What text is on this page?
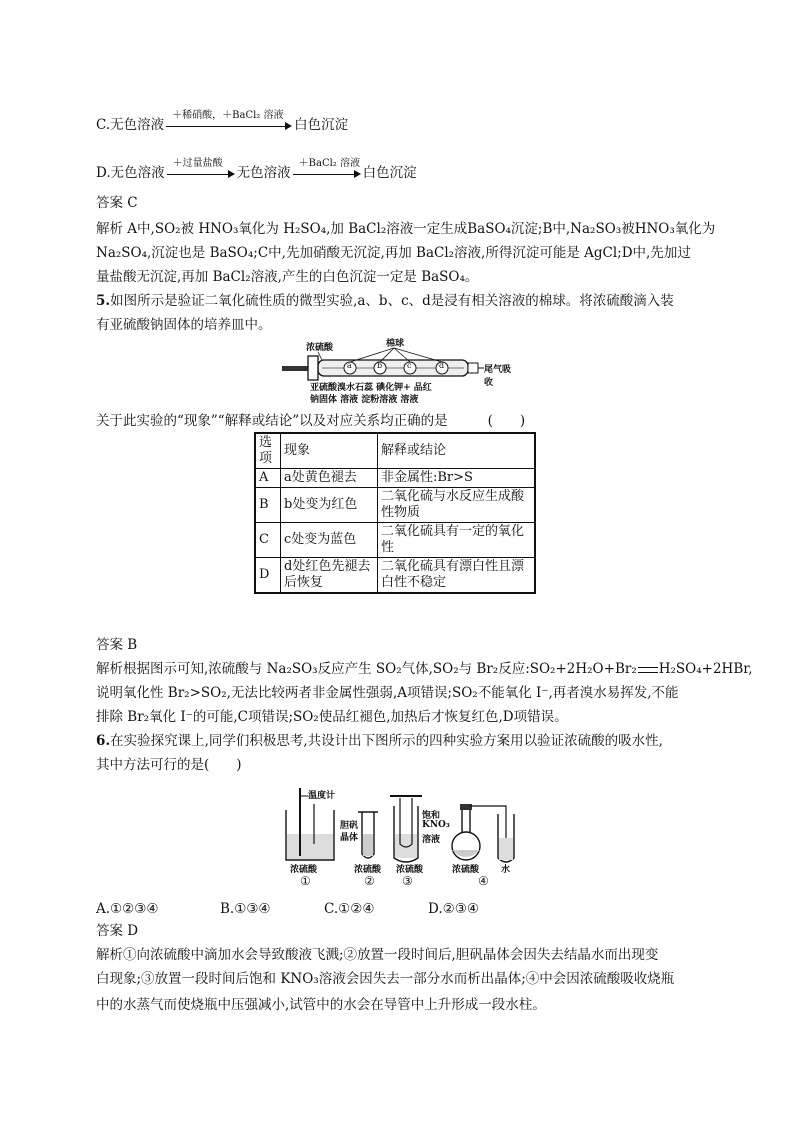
C.无色溶液
＋稀硝酸，＋BaCl₂ 溶液
白色沉淀
D.无色溶液
＋过量盐酸
无色溶液
＋BaCl₂ 溶液
白色沉淀
答案 C
解析 A中,SO₂被 HNO₃氧化为 H₂SO₄,加 BaCl₂溶液一定生成BaSO₄沉淀;B中,Na₂SO₃被HNO₃氧化为
Na₂SO₄,沉淀也是 BaSO₄;C中,先加硝酸无沉淀,再加 BaCl₂溶液,所得沉淀可能是 AgCl;D中,先加过
量盐酸无沉淀,再加 BaCl₂溶液,产生的白色沉淀一定是 BaSO₄。
5.如图所示是验证二氧化硫性质的微型实验,a、b、c、d是浸有相关溶液的棉球。将浓硫酸滴入装
有亚硫酸钠固体的培养皿中。
浓硫酸	棉球
尾气吸收
a	b	c	d
亚硫酸溴水石蕊 碘化钾+ 品红
钠固体 溶液 淀粉溶液 溶液
关于此实验的“现象”“解释或结论”以及对应关系均正确的是	(　　)
选项	现象	解释或结论
A	a处黄色褪去	非金属性:Br>S
B	b处变为红色	二氧化硫与水反应生成酸性物质
C	c处变为蓝色	二氧化硫具有一定的氧化性
D	d处红色先褪去后恢复	二氧化硫具有漂白性且漂白性不稳定
答案 B
解析根据图示可知,浓硫酸与 Na₂SO₃反应产生 SO₂气体,SO₂与 Br₂反应:SO₂+2H₂O+Br₂ H₂SO₄+2HBr,
说明氧化性 Br₂>SO₂,无法比较两者非金属性强弱,A项错误;SO₂不能氧化 I⁻,再者溴水易挥发,不能
排除 Br₂氧化 I⁻的可能,C项错误;SO₂使品红褪色,加热后才恢复红色,D项错误。
6.在实验探究课上,同学们积极思考,共设计出下图所示的四种实验方案用以验证浓硫酸的吸水性,
其中方法可行的是(　　)
温度计
胆矾
晶体
饱和
KNO₃
溶液
浓硫酸	浓硫酸 浓硫酸	浓硫酸 水
①	② ③	④
A.①②③④	B.①③④	C.①②④	D.②③④
答案 D
解析①向浓硫酸中滴加水会导致酸液飞溅;②放置一段时间后,胆矾晶体会因失去结晶水而出现变
白现象;③放置一段时间后饱和 KNO₃溶液会因失去一部分水而析出晶体;④中会因浓硫酸吸收烧瓶
中的水蒸气而使烧瓶中压强减小,试管中的水会在导管中上升形成一段水柱。
